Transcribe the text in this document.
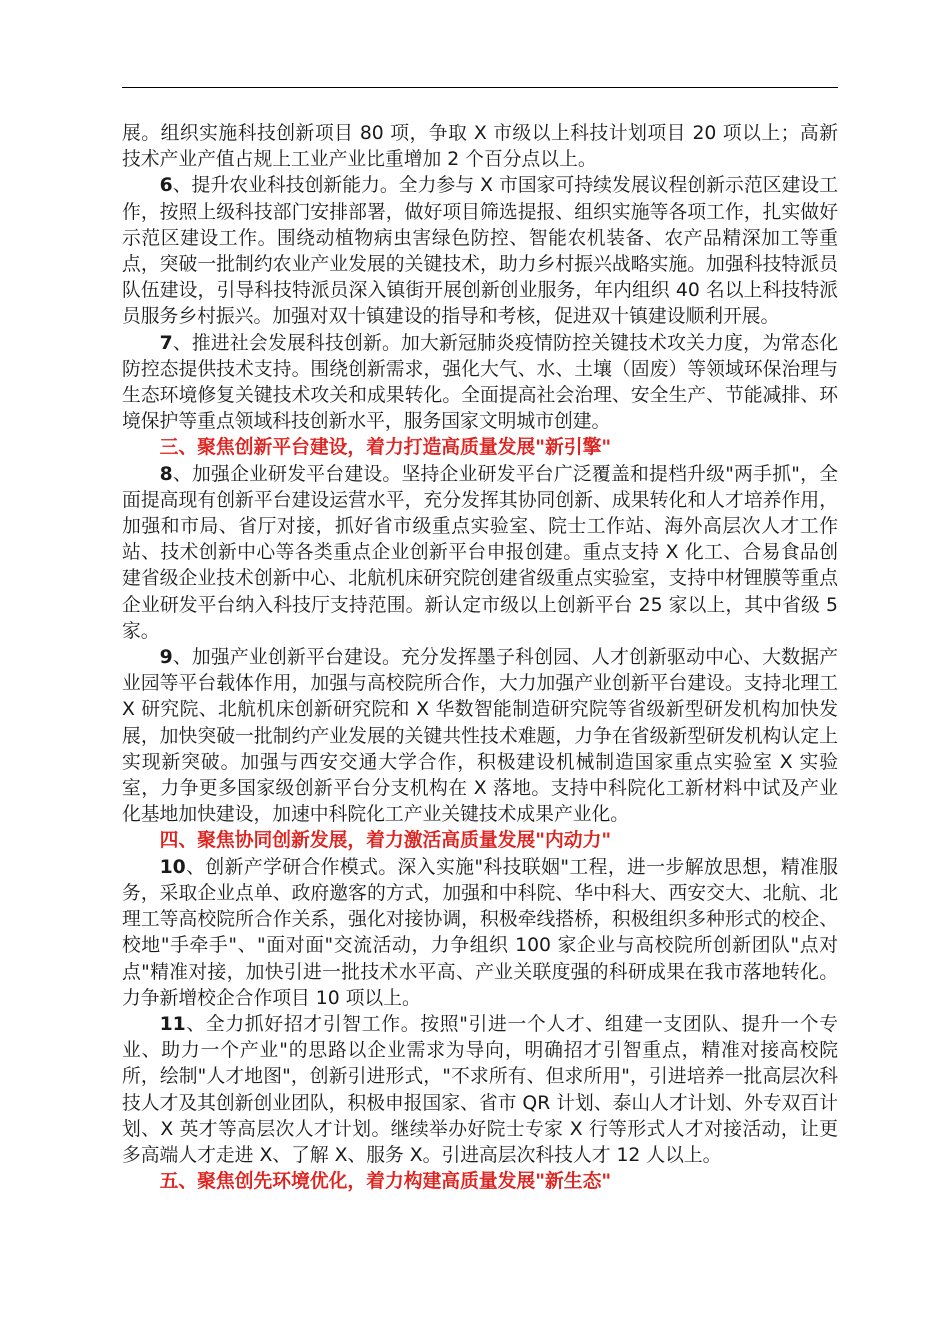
展。组织实施科技创新项目 80 项，争取 X 市级以上科技计划项目 20 项以上；高新技术产业产值占规上工业产业比重增加 2 个百分点以上。

6、提升农业科技创新能力。全力参与 X 市国家可持续发展议程创新示范区建设工作，按照上级科技部门安排部署，做好项目筛选提报、组织实施等各项工作，扎实做好示范区建设工作。围绕动植物病虫害绿色防控、智能农机装备、农产品精深加工等重点，突破一批制约农业产业发展的关键技术，助力乡村振兴战略实施。加强科技特派员队伍建设，引导科技特派员深入镇街开展创新创业服务，年内组织 40 名以上科技特派员服务乡村振兴。加强对双十镇建设的指导和考核，促进双十镇建设顺利开展。

7、推进社会发展科技创新。加大新冠肺炎疫情防控关键技术攻关力度，为常态化防控态提供技术支持。围绕创新需求，强化大气、水、土壤（固废）等领域环保治理与生态环境修复关键技术攻关和成果转化。全面提高社会治理、安全生产、节能减排、环境保护等重点领域科技创新水平，服务国家文明城市创建。

三、聚焦创新平台建设，着力打造高质量发展"新引擎"

8、加强企业研发平台建设。坚持企业研发平台广泛覆盖和提档升级"两手抓"，全面提高现有创新平台建设运营水平，充分发挥其协同创新、成果转化和人才培养作用，加强和市局、省厅对接，抓好省市级重点实验室、院士工作站、海外高层次人才工作站、技术创新中心等各类重点企业创新平台申报创建。重点支持 X 化工、合易食品创建省级企业技术创新中心、北航机床研究院创建省级重点实验室，支持中材锂膜等重点企业研发平台纳入科技厅支持范围。新认定市级以上创新平台 25 家以上，其中省级 5 家。

9、加强产业创新平台建设。充分发挥墨子科创园、人才创新驱动中心、大数据产业园等平台载体作用，加强与高校院所合作，大力加强产业创新平台建设。支持北理工 X 研究院、北航机床创新研究院和 X 华数智能制造研究院等省级新型研发机构加快发展，加快突破一批制约产业发展的关键共性技术难题，力争在省级新型研发机构认定上实现新突破。加强与西安交通大学合作，积极建设机械制造国家重点实验室 X 实验室，力争更多国家级创新平台分支机构在 X 落地。支持中科院化工新材料中试及产业化基地加快建设，加速中科院化工产业关键技术成果产业化。

四、聚焦协同创新发展，着力激活高质量发展"内动力"

10、创新产学研合作模式。深入实施"科技联姻"工程，进一步解放思想，精准服务，采取企业点单、政府邀客的方式，加强和中科院、华中科大、西安交大、北航、北理工等高校院所合作关系，强化对接协调，积极牵线搭桥，积极组织多种形式的校企、校地"手牵手"、"面对面"交流活动，力争组织 100 家企业与高校院所创新团队"点对点"精准对接，加快引进一批技术水平高、产业关联度强的科研成果在我市落地转化。力争新增校企合作项目 10 项以上。

11、全力抓好招才引智工作。按照"引进一个人才、组建一支团队、提升一个专业、助力一个产业"的思路以企业需求为导向，明确招才引智重点，精准对接高校院所，绘制"人才地图"，创新引进形式，"不求所有、但求所用"，引进培养一批高层次科技人才及其创新创业团队，积极申报国家、省市 QR 计划、泰山人才计划、外专双百计划、X 英才等高层次人才计划。继续举办好院士专家 X 行等形式人才对接活动，让更多高端人才走进 X、了解 X、服务 X。引进高层次科技人才 12 人以上。

五、聚焦创先环境优化，着力构建高质量发展"新生态"
